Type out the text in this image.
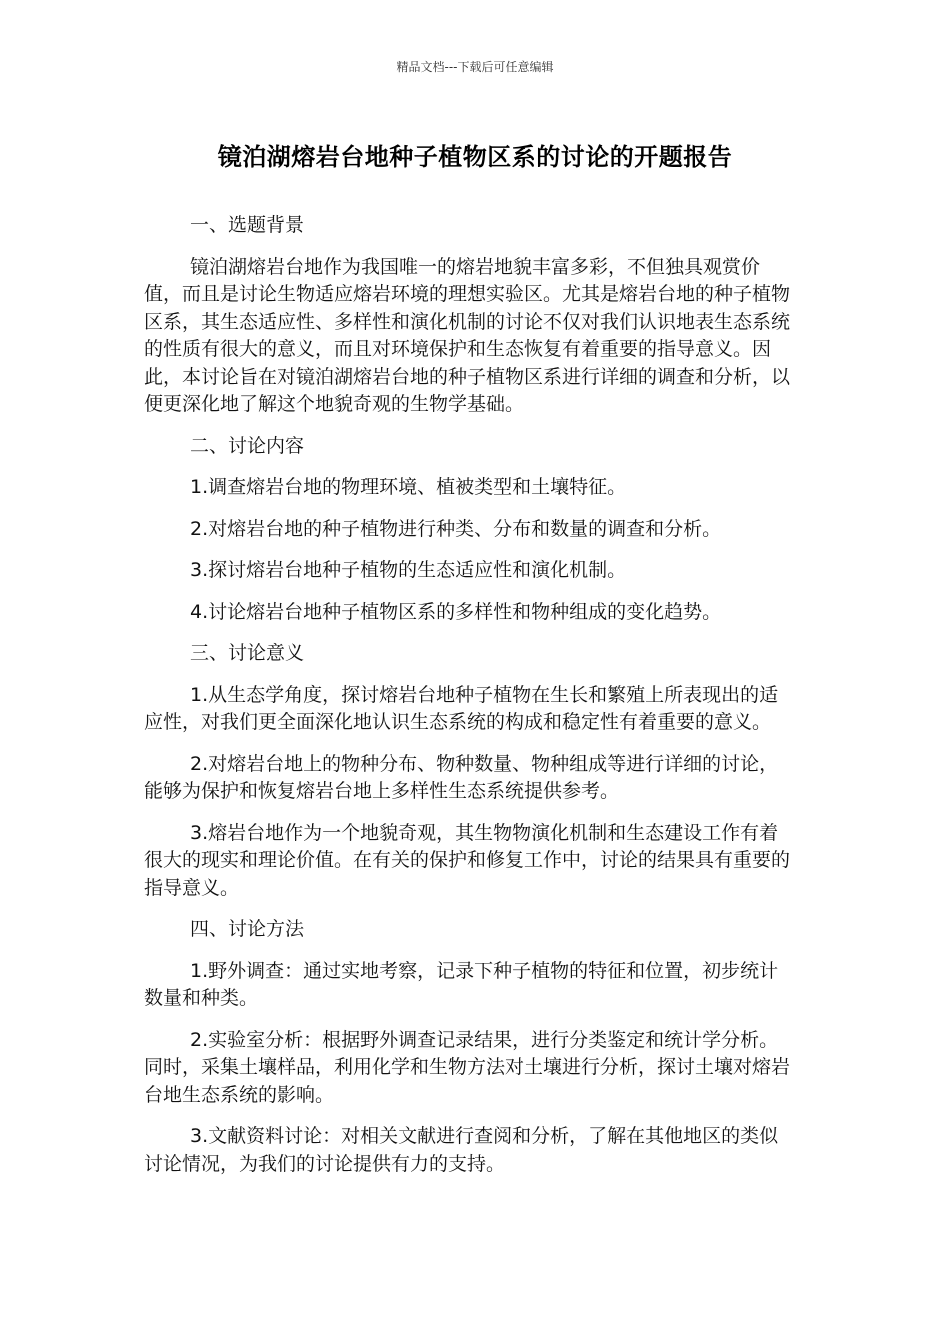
精品文档---下载后可任意编辑
镜泊湖熔岩台地种子植物区系的讨论的开题报告

一、选题背景

镜泊湖熔岩台地作为我国唯一的熔岩地貌丰富多彩，不但独具观赏价值，而且是讨论生物适应熔岩环境的理想实验区。尤其是熔岩台地的种子植物区系，其生态适应性、多样性和演化机制的讨论不仅对我们认识地表生态系统的性质有很大的意义，而且对环境保护和生态恢复有着重要的指导意义。因此，本讨论旨在对镜泊湖熔岩台地的种子植物区系进行详细的调查和分析，以便更深化地了解这个地貌奇观的生物学基础。

二、讨论内容

1.调查熔岩台地的物理环境、植被类型和土壤特征。

2.对熔岩台地的种子植物进行种类、分布和数量的调查和分析。

3.探讨熔岩台地种子植物的生态适应性和演化机制。

4.讨论熔岩台地种子植物区系的多样性和物种组成的变化趋势。

三、讨论意义

1.从生态学角度，探讨熔岩台地种子植物在生长和繁殖上所表现出的适应性，对我们更全面深化地认识生态系统的构成和稳定性有着重要的意义。

2.对熔岩台地上的物种分布、物种数量、物种组成等进行详细的讨论，能够为保护和恢复熔岩台地上多样性生态系统提供参考。

3.熔岩台地作为一个地貌奇观，其生物物演化机制和生态建设工作有着很大的现实和理论价值。在有关的保护和修复工作中，讨论的结果具有重要的指导意义。

四、讨论方法

1.野外调查：通过实地考察，记录下种子植物的特征和位置，初步统计数量和种类。

2.实验室分析：根据野外调查记录结果，进行分类鉴定和统计学分析。同时，采集土壤样品，利用化学和生物方法对土壤进行分析，探讨土壤对熔岩台地生态系统的影响。

3.文献资料讨论：对相关文献进行查阅和分析，了解在其他地区的类似讨论情况，为我们的讨论提供有力的支持。
